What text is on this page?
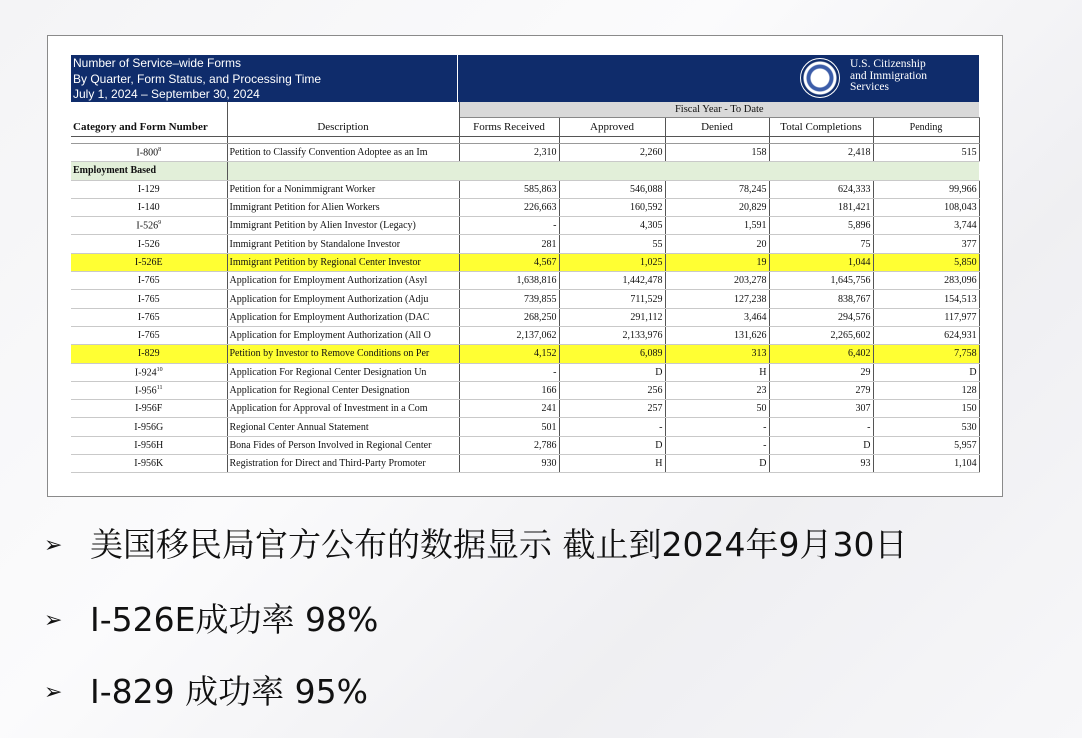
Number of Service–wide Forms
By Quarter, Form Status, and Processing Time
July 1, 2024 – September 30, 2024
U.S. Citizenship
and Immigration
Services
		Fiscal Year - To Date				
Category and Form Number	Description	Forms Received	Approved	Denied	Total Completions	Pending

$I-800^8$	Petition to Classify Convention Adoptee as an Im	2,310	2,260	158	2,418	515
Employment Based						
I-129	Petition for a Nonimmigrant Worker	585,863	546,088	78,245	624,333	99,966
I-140	Immigrant Petition for Alien Workers	226,663	160,592	20,829	181,421	108,043
$I-526^9$	Immigrant Petition by Alien Investor (Legacy)	-	4,305	1,591	5,896	3,744
I-526	Immigrant Petition by Standalone Investor	281	55	20	75	377
I-526E	Immigrant Petition by Regional Center Investor	4,567	1,025	19	1,044	5,850
I-765	Application for Employment Authorization (Asyl	1,638,816	1,442,478	203,278	1,645,756	283,096
I-765	Application for Employment Authorization (Adju	739,855	711,529	127,238	838,767	154,513
I-765	Application for Employment Authorization (DAC	268,250	291,112	3,464	294,576	117,977
I-765	Application for Employment Authorization (All O	2,137,062	2,133,976	131,626	2,265,602	624,931
I-829	Petition by Investor to Remove Conditions on Per	4,152	6,089	313	6,402	7,758
$I-924^{10}$	Application For Regional Center Designation Un	-	D	H	29	D
$I-956^{11}$	Application for Regional Center Designation	166	256	23	279	128
I-956F	Application for Approval of Investment in a Com	241	257	50	307	150
I-956G	Regional Center Annual Statement	501	-	-	-	530
I-956H	Bona Fides of Person Involved in Regional Center	2,786	D	-	D	5,957
I-956K	Registration for Direct and Third-Party Promoter	930	H	D	93	1,104
➢ 美国移民局官方公布的数据显示 截止到2024年9月30日
➢ I-526E成功率 98%
➢ I-829 成功率 95%
